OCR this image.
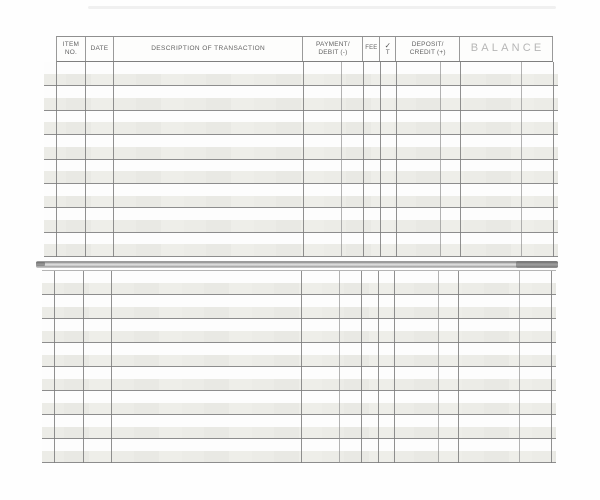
ITEM
NO.
DATE	DESCRIPTION OF TRANSACTION
PAYMENT/
DEBIT (-)
FEE ✓
T
DEPOSIT/
CREDIT (+) BALANCE
